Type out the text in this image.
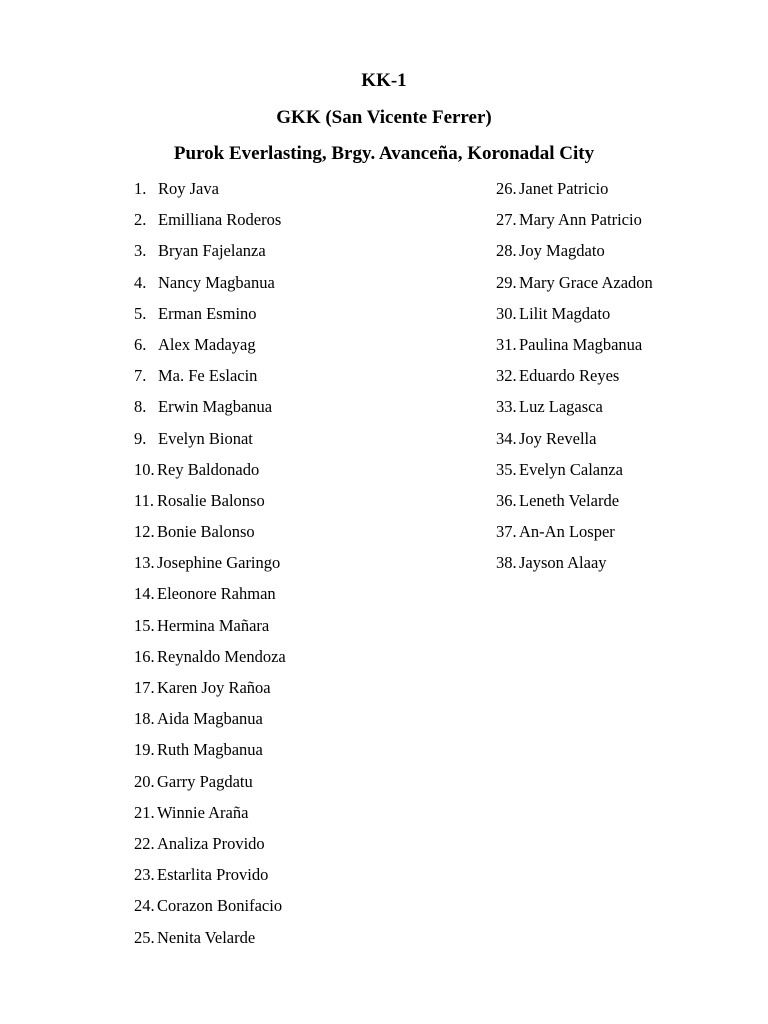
KK-1
GKK (San Vicente Ferrer)
Purok Everlasting, Brgy. Avanceña, Koronadal City
1. Roy Java
2. Emilliana Roderos
3. Bryan Fajelanza
4. Nancy Magbanua
5. Erman Esmino
6. Alex Madayag
7. Ma. Fe Eslacin
8. Erwin Magbanua
9. Evelyn Bionat
10. Rey Baldonado
11. Rosalie Balonso
12. Bonie Balonso
13. Josephine Garingo
14. Eleonore Rahman
15. Hermina Mañara
16. Reynaldo Mendoza
17. Karen Joy Rañoa
18. Aida Magbanua
19. Ruth Magbanua
20. Garry Pagdatu
21. Winnie Araña
22. Analiza Provido
23. Estarlita Provido
24. Corazon Bonifacio
25. Nenita Velarde
26. Janet Patricio
27. Mary Ann Patricio
28. Joy Magdato
29. Mary Grace Azadon
30. Lilit Magdato
31. Paulina Magbanua
32. Eduardo Reyes
33. Luz Lagasca
34. Joy Revella
35. Evelyn Calanza
36. Leneth Velarde
37. An-An Losper
38. Jayson Alaay
